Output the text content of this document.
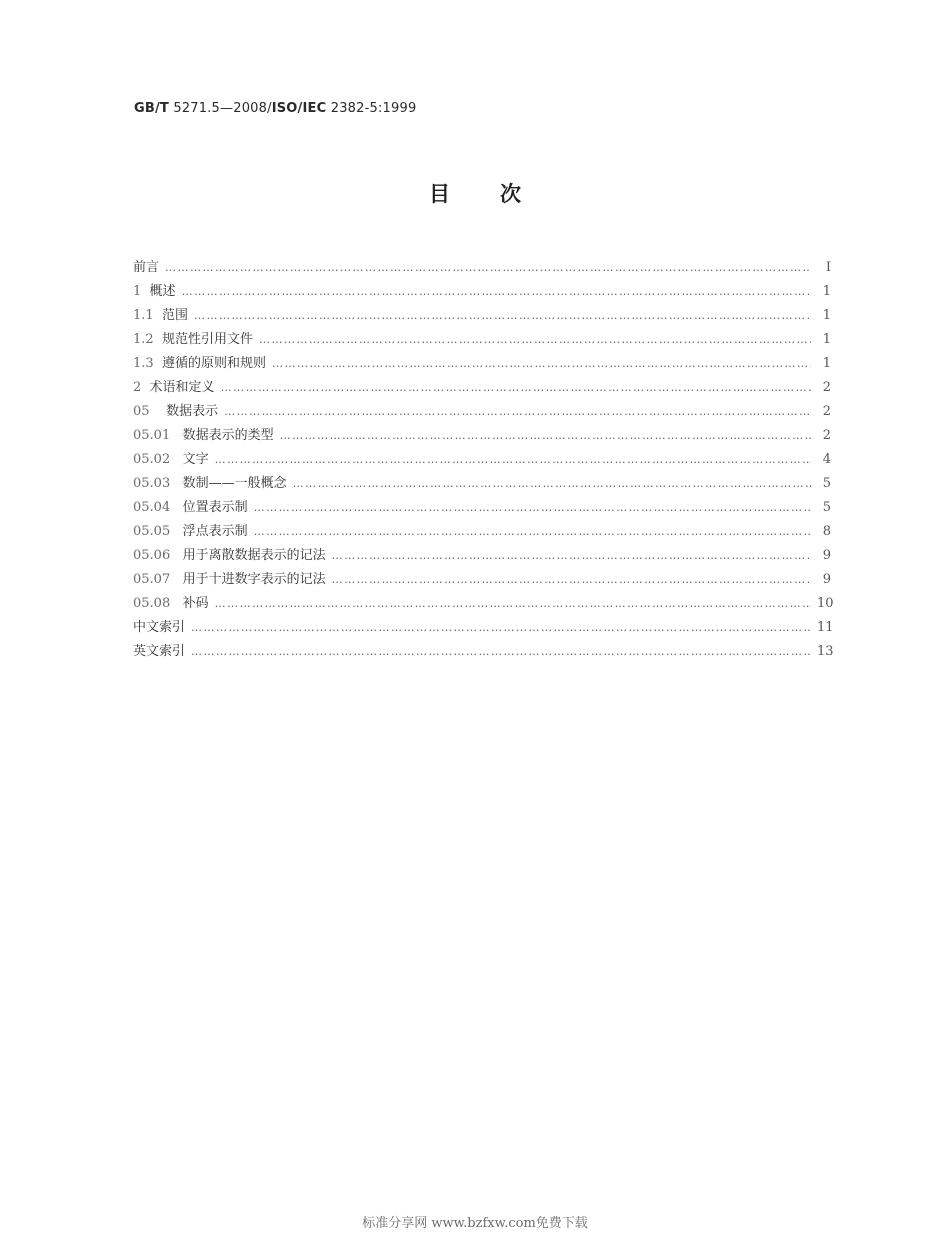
GB/T 5271.5—2008/ISO/IEC 2382-5:1999
目 次
前言 ……………………………………………………………………………………………………………………………………………………………………………………………………………………………	I
1 概述 ……………………………………………………………………………………………………………………………………………………………………………………………………………………………	1
1.1 范围 ……………………………………………………………………………………………………………………………………………………………………………………………………………………………	1
1.2 规范性引用文件 ……………………………………………………………………………………………………………………………………………………………………………………………………………………………	1
1.3 遵循的原则和规则 ……………………………………………………………………………………………………………………………………………………………………………………………………………………………	1
2 术语和定义 ……………………………………………………………………………………………………………………………………………………………………………………………………………………………	2
05 数据表示 ……………………………………………………………………………………………………………………………………………………………………………………………………………………………	2
05.01 数据表示的类型 ……………………………………………………………………………………………………………………………………………………………………………………………………………………………	2
05.02 文字 ……………………………………………………………………………………………………………………………………………………………………………………………………………………………	4
05.03 数制——一般概念 ……………………………………………………………………………………………………………………………………………………………………………………………………………………………	5
05.04 位置表示制 ……………………………………………………………………………………………………………………………………………………………………………………………………………………………	5
05.05 浮点表示制 ……………………………………………………………………………………………………………………………………………………………………………………………………………………………	8
05.06 用于离散数据表示的记法 ……………………………………………………………………………………………………………………………………………………………………………………………………………………………	9
05.07 用于十进数字表示的记法 ……………………………………………………………………………………………………………………………………………………………………………………………………………………………	9
05.08 补码 ……………………………………………………………………………………………………………………………………………………………………………………………………………………………	10
中文索引 ……………………………………………………………………………………………………………………………………………………………………………………………………………………………	11
英文索引 ……………………………………………………………………………………………………………………………………………………………………………………………………………………………	13
标准分享网 www.bzfxw.com免费下载
